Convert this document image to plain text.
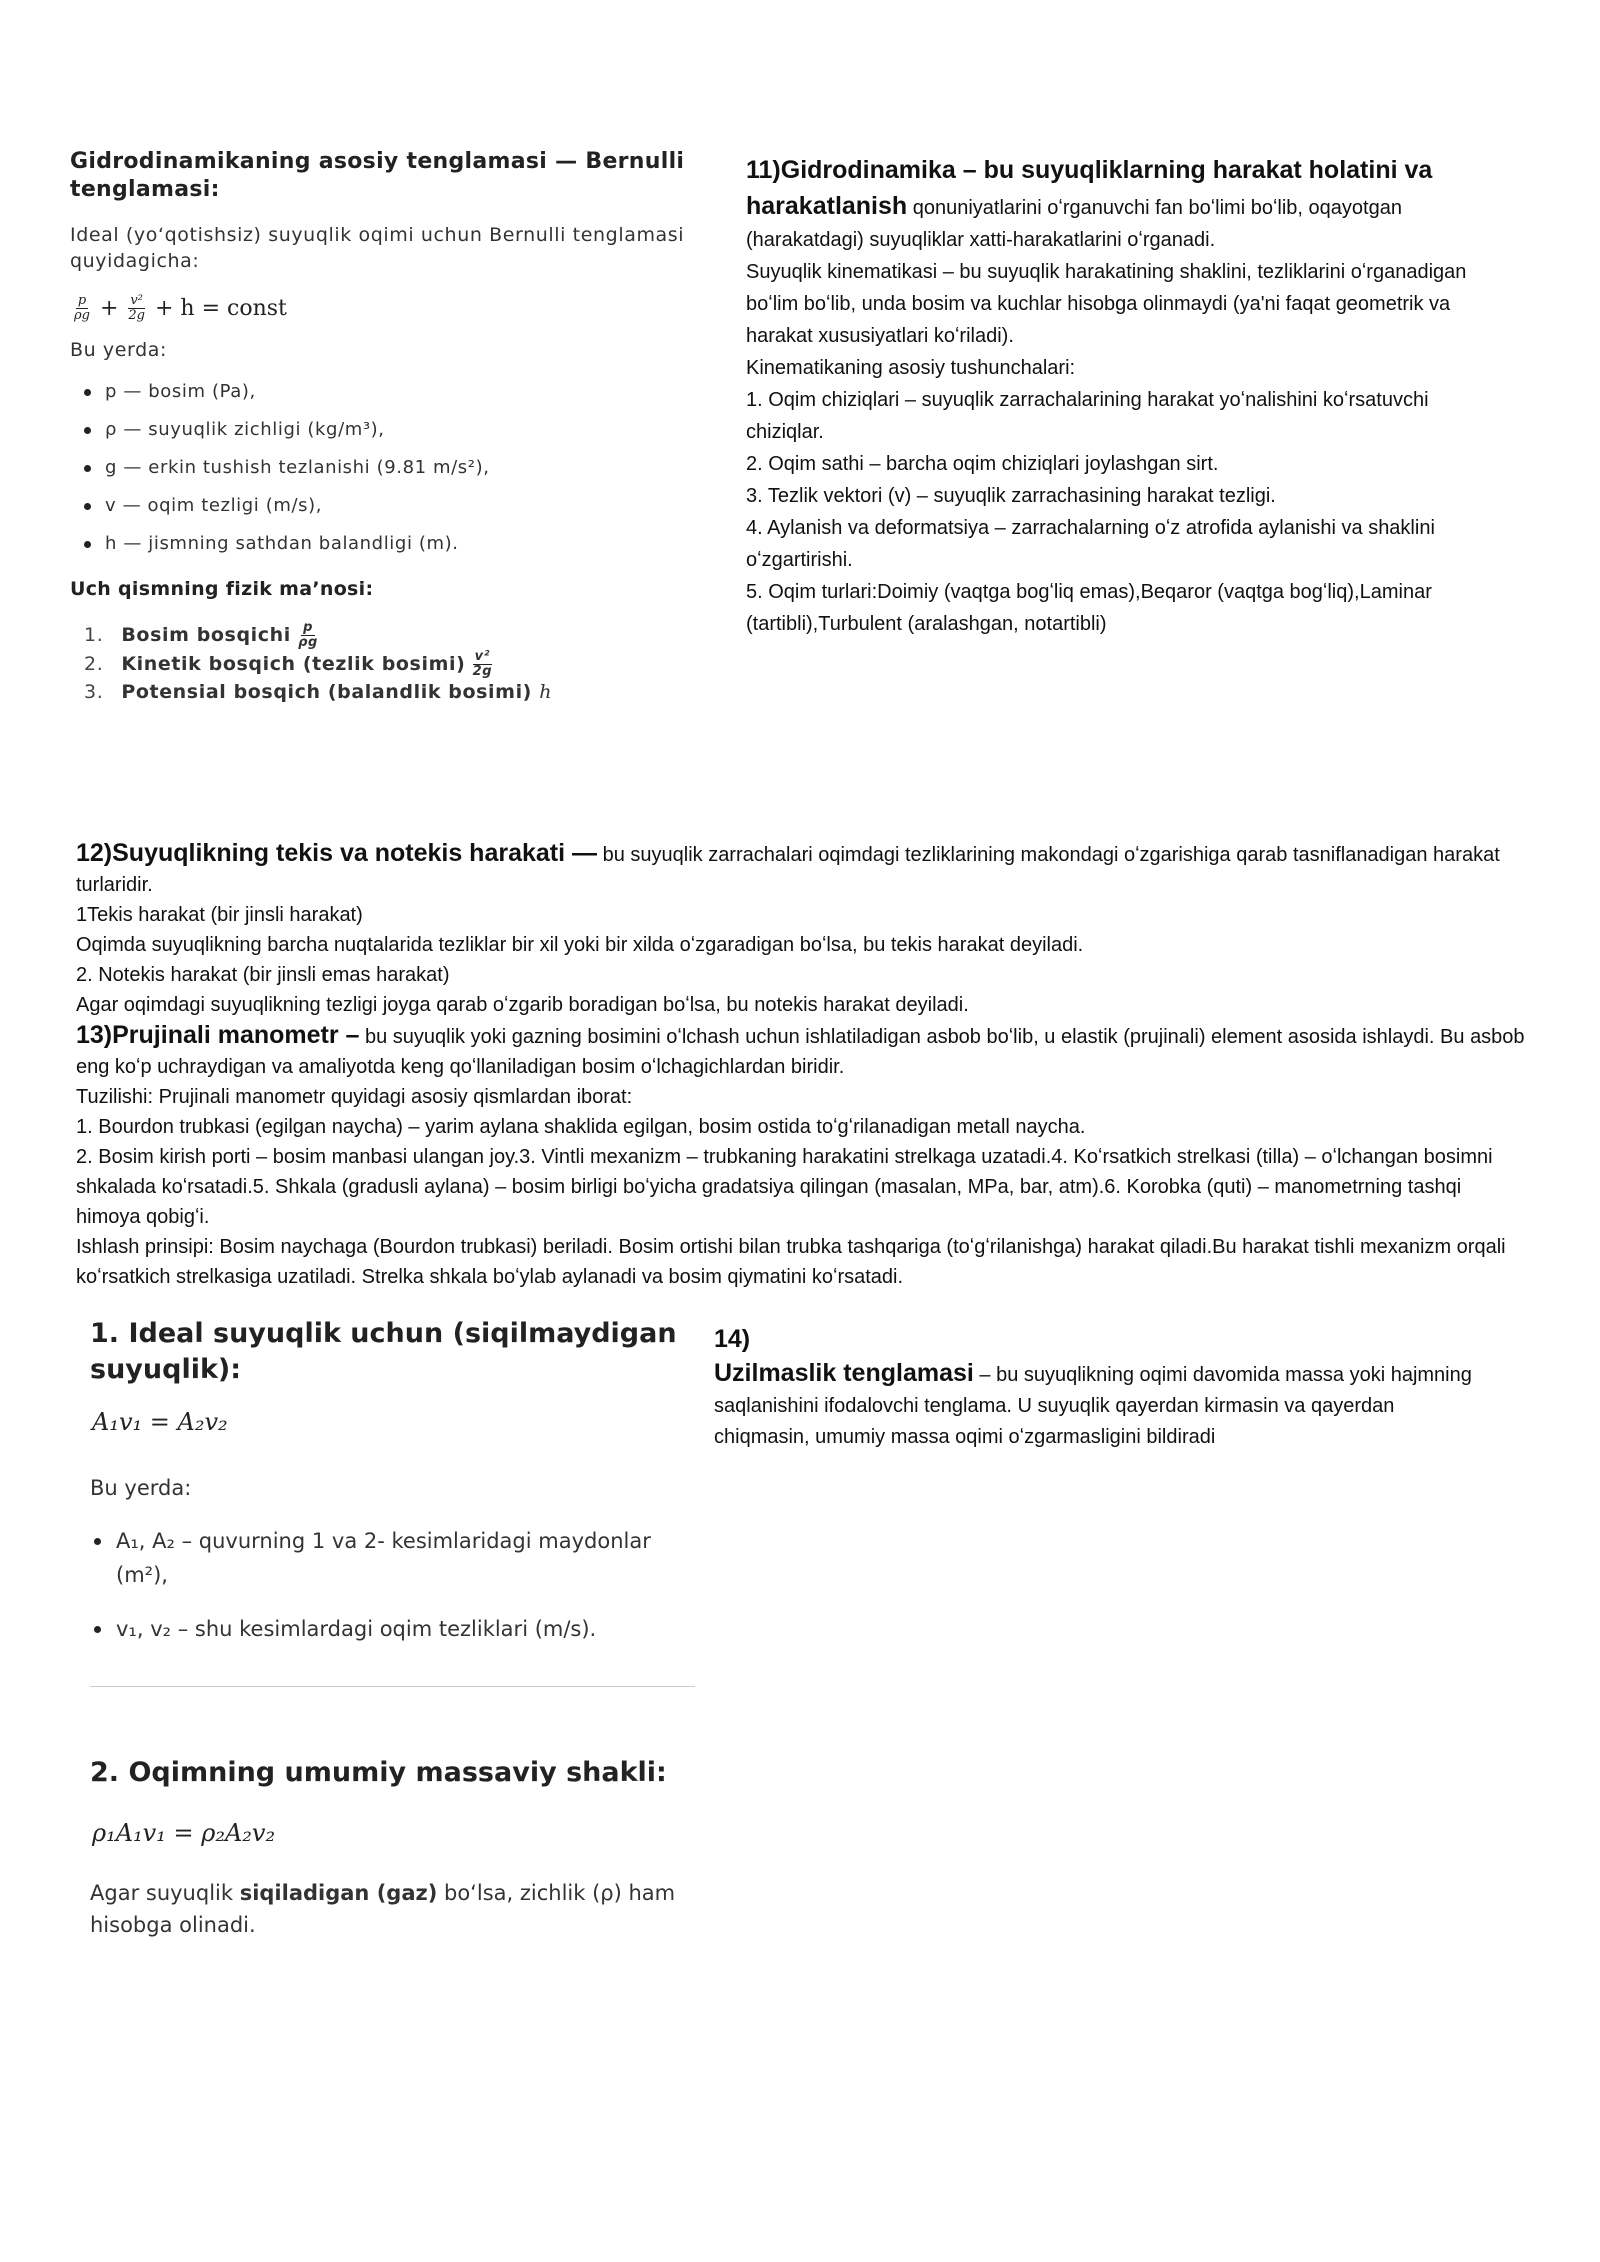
Gidrodinamikaning asosiy tenglamasi — Bernulli tenglamasi:
Ideal (yo‘qotishsiz) suyuqlik oqimi uchun Bernulli tenglamasi quyidagicha:
$\frac{p}{\rho g} + \frac{\text{v²}}{2g} + h$ = const
Bu yerda:
p — bosim (Pa),
ρ — suyuqlik zichligi (kg/m³),
g — erkin tushish tezlanishi (9.81 m/s²),
v — oqim tezligi (m/s),
h — jismning sathdan balandligi (m).
Uch qismning fizik ma’nosi:
1. Bosim bosqichi $\frac{p}{\rho g}$
2. Kinetik bosqich (tezlik bosimi) $\frac{\text{v²}}{2g}$
3. Potensial bosqich (balandlik bosimi) h
11)Gidrodinamika – bu suyuqliklarning harakat holatini va harakatlanish qonuniyatlarini oʻrganuvchi fan boʻlimi boʻlib, oqayotgan (harakatdagi) suyuqliklar xatti-harakatlarini oʻrganadi.
Suyuqlik kinematikasi – bu suyuqlik harakatining shaklini, tezliklarini oʻrganadigan boʻlim boʻlib, unda bosim va kuchlar hisobga olinmaydi (ya'ni faqat geometrik va harakat xususiyatlari koʻriladi).
Kinematikaning asosiy tushunchalari:
1. Oqim chiziqlari – suyuqlik zarrachalarining harakat yoʻnalishini koʻrsatuvchi chiziqlar.
2. Oqim sathi – barcha oqim chiziqlari joylashgan sirt.
3. Tezlik vektori (v) – suyuqlik zarrachasining harakat tezligi.
4. Aylanish va deformatsiya – zarrachalarning oʻz atrofida aylanishi va shaklini oʻzgartirishi.
5. Oqim turlari:Doimiy (vaqtga bogʻliq emas),Beqaror (vaqtga bogʻliq),Laminar (tartibli),Turbulent (aralashgan, notartibli)

12)Suyuqlikning tekis va notekis harakati — bu suyuqlik zarrachalari oqimdagi tezliklarining makondagi oʻzgarishiga qarab tasniflanadigan harakat turlaridir.

1Tekis harakat (bir jinsli harakat)

Oqimda suyuqlikning barcha nuqtalarida tezliklar bir xil yoki bir xilda oʻzgaradigan boʻlsa, bu tekis harakat deyiladi.

2. Notekis harakat (bir jinsli emas harakat)

Agar oqimdagi suyuqlikning tezligi joyga qarab oʻzgarib boradigan boʻlsa, bu notekis harakat deyiladi.

13)Prujinali manometr – bu suyuqlik yoki gazning bosimini oʻlchash uchun ishlatiladigan asbob boʻlib, u elastik (prujinali) element asosida ishlaydi. Bu asbob eng koʻp uchraydigan va amaliyotda keng qoʻllaniladigan bosim oʻlchagichlardan biridir.

Tuzilishi: Prujinali manometr quyidagi asosiy qismlardan iborat:

1. Bourdon trubkasi (egilgan naycha) – yarim aylana shaklida egilgan, bosim ostida toʻgʻrilanadigan metall naycha.

2. Bosim kirish porti – bosim manbasi ulangan joy.3. Vintli mexanizm – trubkaning harakatini strelkaga uzatadi.4. Koʻrsatkich strelkasi (tilla) – oʻlchangan bosimni shkalada koʻrsatadi.5. Shkala (gradusli aylana) – bosim birligi boʻyicha gradatsiya qilingan (masalan, MPa, bar, atm).6. Korobka (qutі) – manometrning tashqi himoya qobigʻi.

Ishlash prinsipi: Bosim naychaga (Bourdon trubkasi) beriladi. Bosim ortishi bilan trubka tashqariga (toʻgʻrilanishga) harakat qiladi.Bu harakat tishli mexanizm orqali koʻrsatkich strelkasiga uzatiladi. Strelka shkala boʻylab aylanadi va bosim qiymatini koʻrsatadi.

1. Ideal suyuqlik uchun (siqilmaydigan suyuqlik):
A₁v₁ = A₂v₂
Bu yerda:
A₁, A₂ – quvurning 1 va 2- kesimlaridagi maydonlar (m²),
v₁, v₂ – shu kesimlardagi oqim tezliklari (m/s).
2. Oqimning umumiy massaviy shakli:
ρ₁A₁v₁ = ρ₂A₂v₂
Agar suyuqlik siqiladigan (gaz) bo‘lsa, zichlik (ρ) ham hisobga olinadi.
14)
Uzilmaslik tenglamasi – bu suyuqlikning oqimi davomida massa yoki hajmning saqlanishini ifodalovchi tenglama. U suyuqlik qayerdan kirmasin va qayerdan chiqmasin, umumiy massa oqimi oʻzgarmasligini bildiradi
